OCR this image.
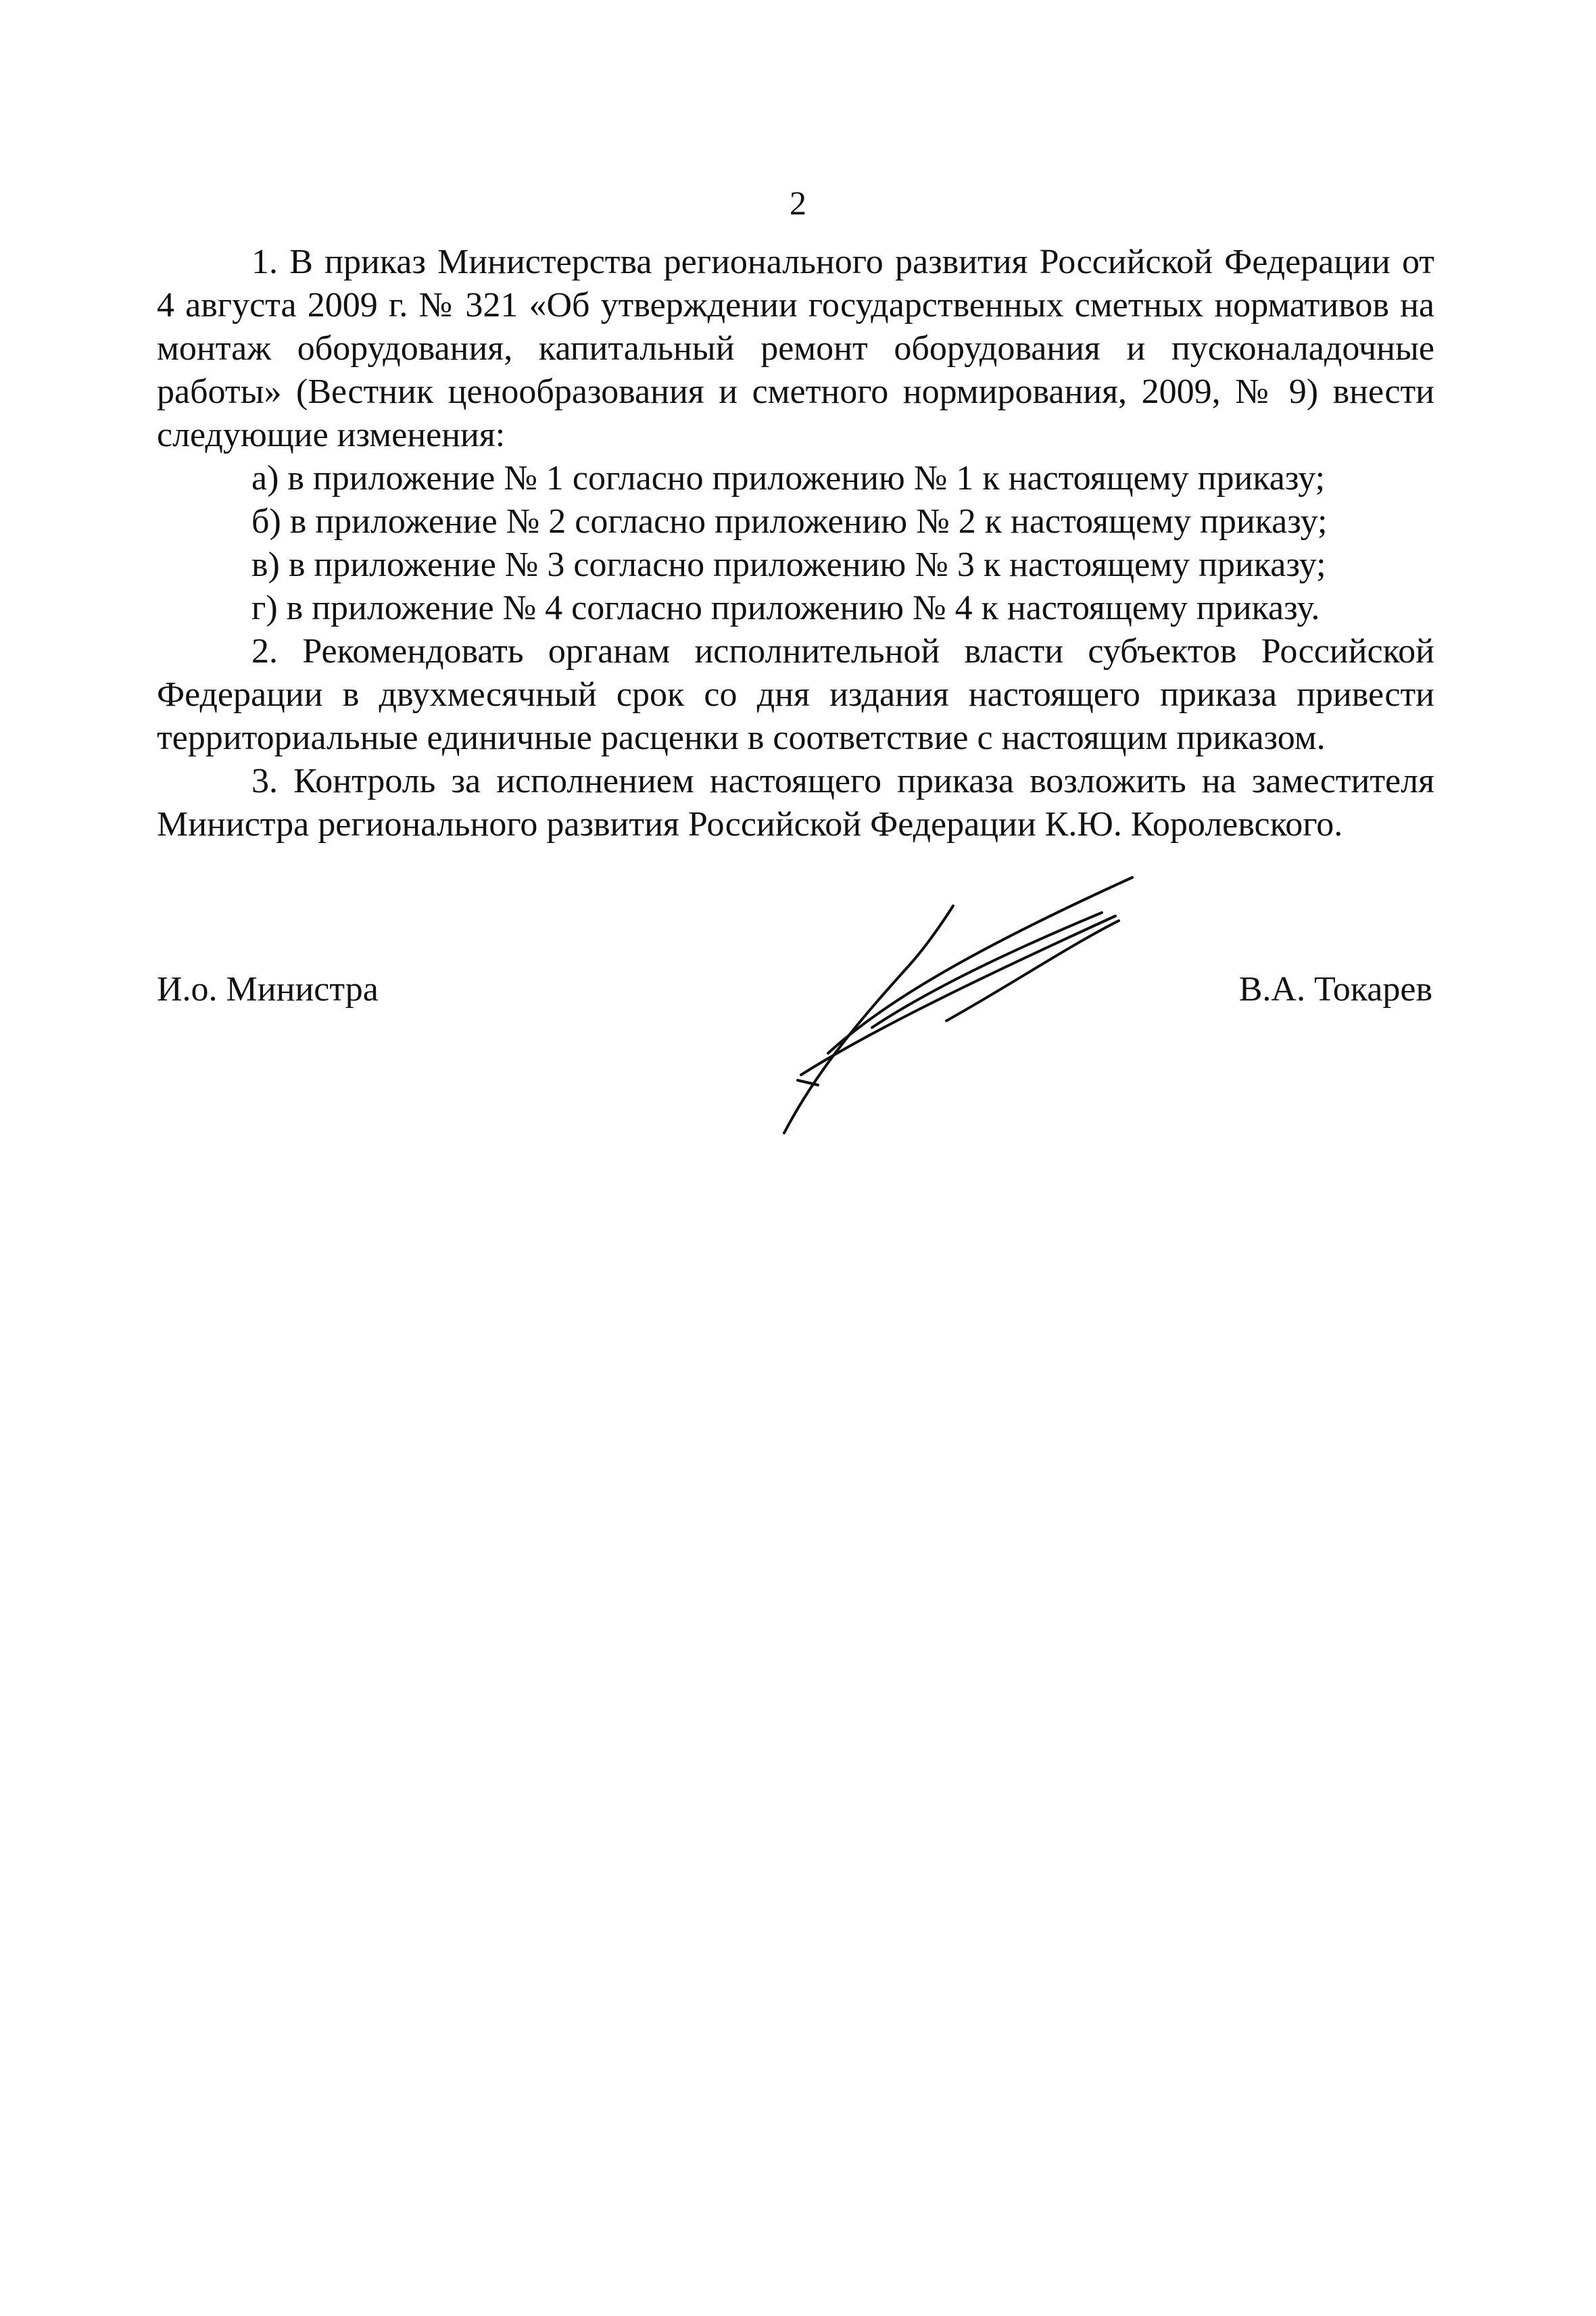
2

1. В приказ Министерства регионального развития Российской Федерации от 4 августа 2009 г. № 321 «Об утверждении государственных сметных нормативов на монтаж оборудования, капитальный ремонт оборудования и пусконаладочные работы» (Вестник ценообразования и сметного нормирования, 2009, № 9) внести следующие изменения:

а) в приложение № 1 согласно приложению № 1 к настоящему приказу;

б) в приложение № 2 согласно приложению № 2 к настоящему приказу;

в) в приложение № 3 согласно приложению № 3 к настоящему приказу;

г) в приложение № 4 согласно приложению № 4 к настоящему приказу.

2. Рекомендовать органам исполнительной власти субъектов Российской Федерации в двухмесячный срок со дня издания настоящего приказа привести территориальные единичные расценки в соответствие с настоящим приказом.

3. Контроль за исполнением настоящего приказа возложить на заместителя Министра регионального развития Российской Федерации К.Ю. Королевского.

И.о. Министра	В.А. Токарев
